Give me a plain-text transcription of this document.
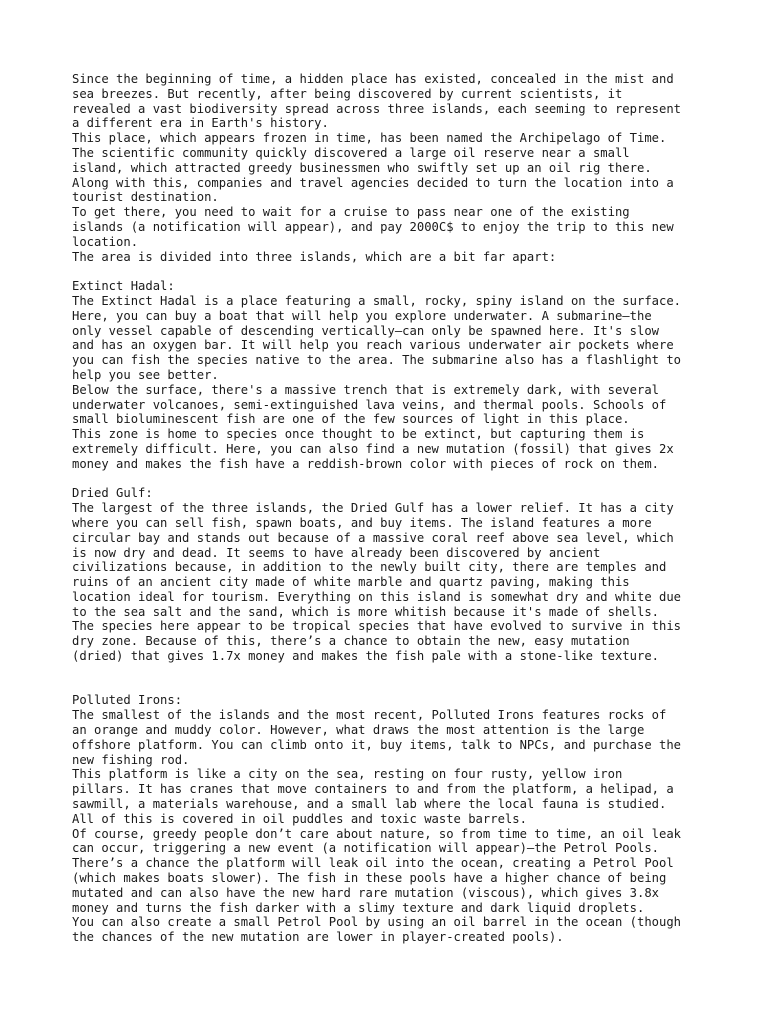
Since the beginning of time, a hidden place has existed, concealed in the mist and
sea breezes. But recently, after being discovered by current scientists, it
revealed a vast biodiversity spread across three islands, each seeming to represent
a different era in Earth's history.
This place, which appears frozen in time, has been named the Archipelago of Time.
The scientific community quickly discovered a large oil reserve near a small
island, which attracted greedy businessmen who swiftly set up an oil rig there.
Along with this, companies and travel agencies decided to turn the location into a
tourist destination.
To get there, you need to wait for a cruise to pass near one of the existing
islands (a notification will appear), and pay 2000C$ to enjoy the trip to this new
location.
The area is divided into three islands, which are a bit far apart:
Extinct Hadal:
The Extinct Hadal is a place featuring a small, rocky, spiny island on the surface.
Here, you can buy a boat that will help you explore underwater. A submarine—the
only vessel capable of descending vertically—can only be spawned here. It's slow
and has an oxygen bar. It will help you reach various underwater air pockets where
you can fish the species native to the area. The submarine also has a flashlight to
help you see better.
Below the surface, there's a massive trench that is extremely dark, with several
underwater volcanoes, semi-extinguished lava veins, and thermal pools. Schools of
small bioluminescent fish are one of the few sources of light in this place.
This zone is home to species once thought to be extinct, but capturing them is
extremely difficult. Here, you can also find a new mutation (fossil) that gives 2x
money and makes the fish have a reddish-brown color with pieces of rock on them.
Dried Gulf:
The largest of the three islands, the Dried Gulf has a lower relief. It has a city
where you can sell fish, spawn boats, and buy items. The island features a more
circular bay and stands out because of a massive coral reef above sea level, which
is now dry and dead. It seems to have already been discovered by ancient
civilizations because, in addition to the newly built city, there are temples and
ruins of an ancient city made of white marble and quartz paving, making this
location ideal for tourism. Everything on this island is somewhat dry and white due
to the sea salt and the sand, which is more whitish because it's made of shells.
The species here appear to be tropical species that have evolved to survive in this
dry zone. Because of this, there’s a chance to obtain the new, easy mutation
(dried) that gives 1.7x money and makes the fish pale with a stone-like texture.
Polluted Irons:
The smallest of the islands and the most recent, Polluted Irons features rocks of
an orange and muddy color. However, what draws the most attention is the large
offshore platform. You can climb onto it, buy items, talk to NPCs, and purchase the
new fishing rod.
This platform is like a city on the sea, resting on four rusty, yellow iron
pillars. It has cranes that move containers to and from the platform, a helipad, a
sawmill, a materials warehouse, and a small lab where the local fauna is studied.
All of this is covered in oil puddles and toxic waste barrels.
Of course, greedy people don’t care about nature, so from time to time, an oil leak
can occur, triggering a new event (a notification will appear)—the Petrol Pools.
There’s a chance the platform will leak oil into the ocean, creating a Petrol Pool
(which makes boats slower). The fish in these pools have a higher chance of being
mutated and can also have the new hard rare mutation (viscous), which gives 3.8x
money and turns the fish darker with a slimy texture and dark liquid droplets.
You can also create a small Petrol Pool by using an oil barrel in the ocean (though
the chances of the new mutation are lower in player-created pools).
